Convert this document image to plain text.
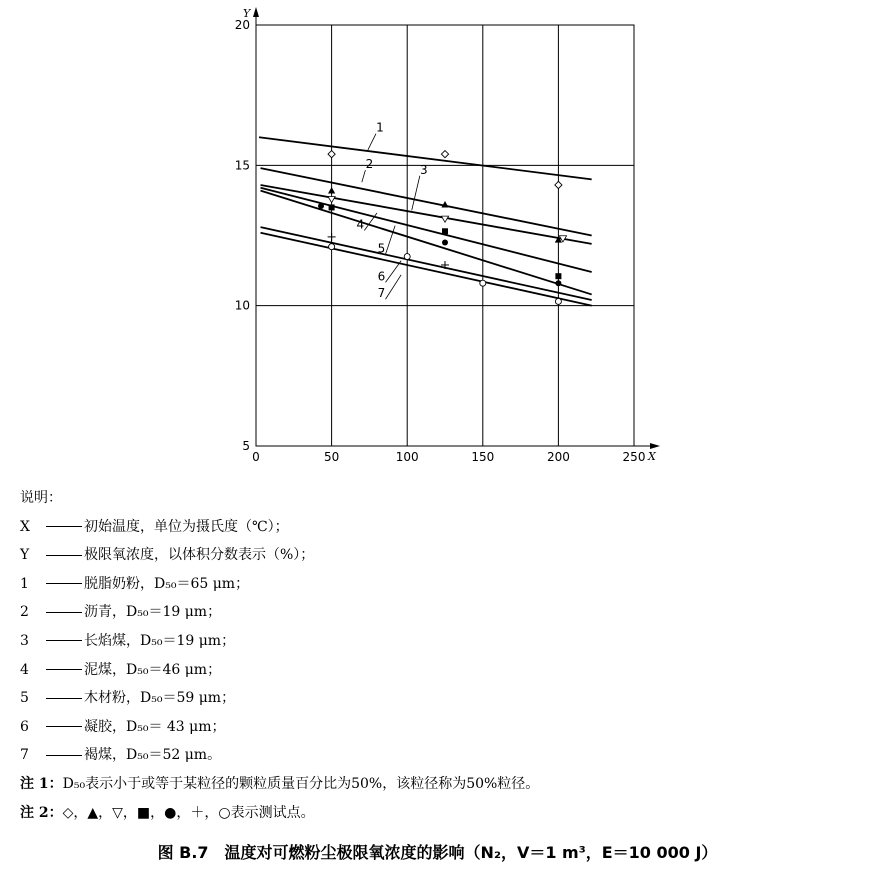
0	50	100	150	200	250
5
10
15
20
1
2	3
4
5
6
7
X
Y
说明：
X	初始温度，单位为摄氏度（℃）；
Y	极限氧浓度，以体积分数表示（%）；
1	脱脂奶粉，D₅₀＝65 μm；
2	沥青，D₅₀＝19 μm；
3	长焰煤，D₅₀＝19 μm；
4	泥煤，D₅₀＝46 μm；
5	木材粉，D₅₀＝59 μm；
6	凝胶，D₅₀＝ 43 μm；
7	褐煤，D₅₀＝52 μm。
注 1：D₅₀表示小于或等于某粒径的颗粒质量百分比为50%，该粒径称为50%粒径。
注 2：◇，▲，▽，■，●，＋，○表示测试点。
图 B.7　温度对可燃粉尘极限氧浓度的影响（N₂，V＝1 m³，E＝10 000 J）
